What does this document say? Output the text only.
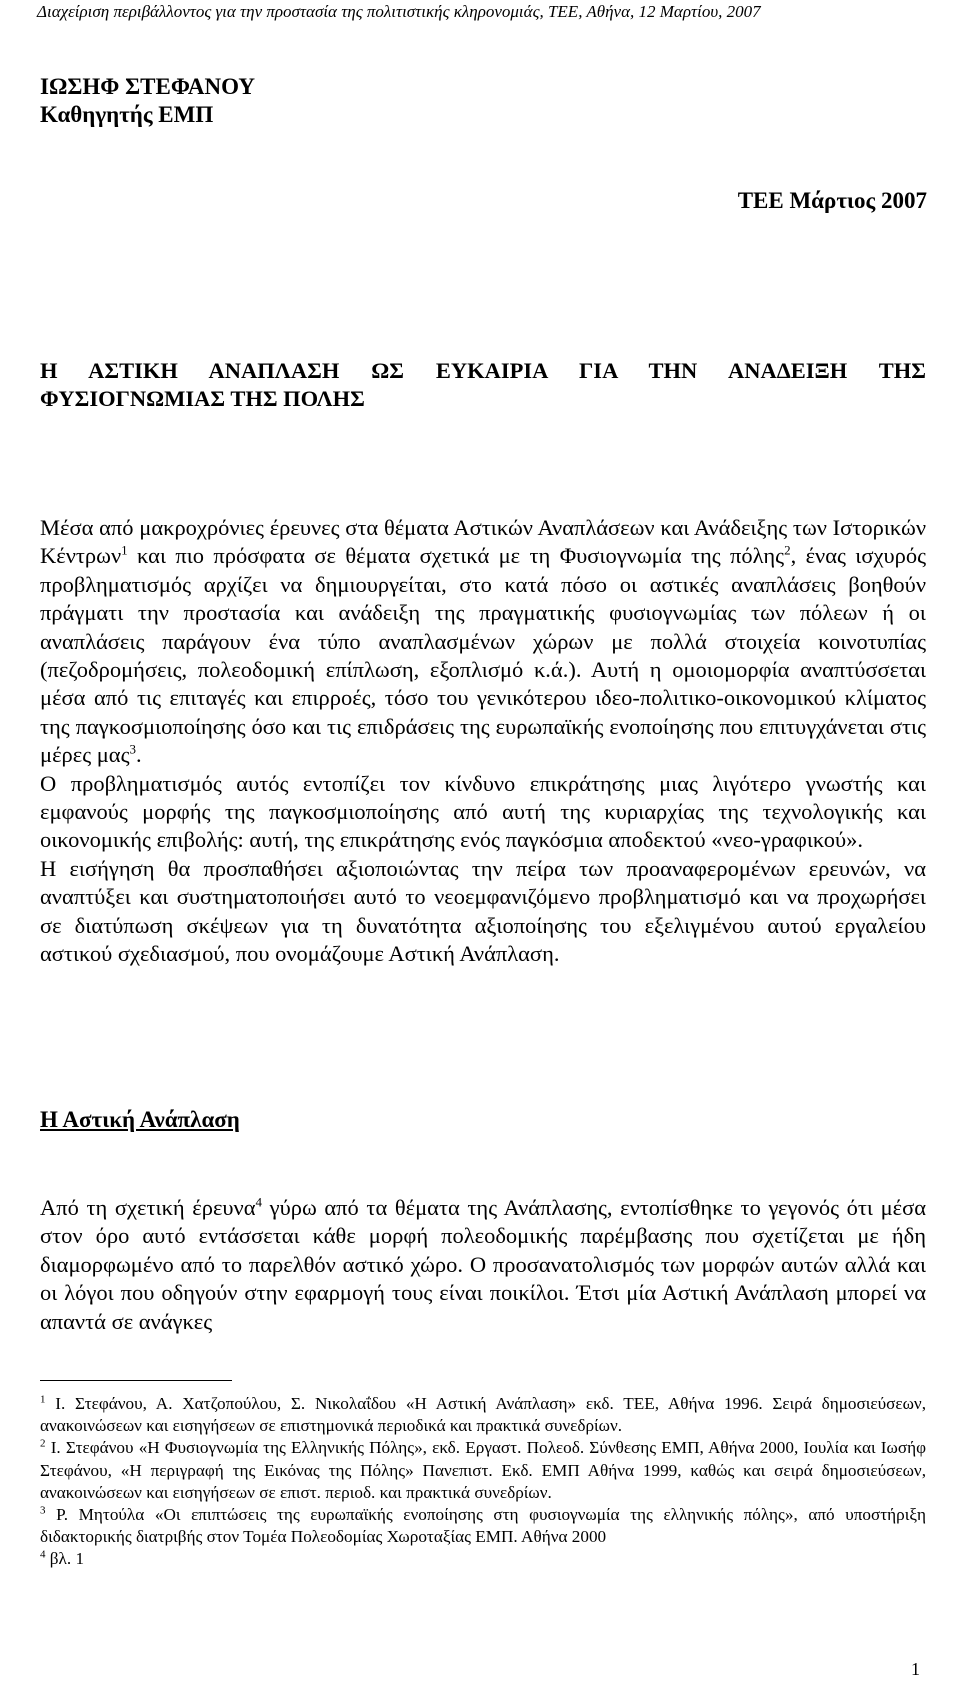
Διαχείριση περιβάλλοντος για την προστασία της πολιτιστικής κληρονομιάς, ΤΕΕ, Αθήνα, 12 Μαρτίου, 2007
ΙΩΣΗΦ ΣΤΕΦΑΝΟΥ
Καθηγητής ΕΜΠ
ΤΕΕ Μάρτιος 2007
Η ΑΣΤΙΚΗ ΑΝΑΠΛΑΣΗ ΩΣ ΕΥΚΑΙΡΙΑ ΓΙΑ ΤΗΝ ΑΝΑΔΕΙΞΗ ΤΗΣ
ΦΥΣΙΟΓΝΩΜΙΑΣ ΤΗΣ ΠΟΛΗΣ

Μέσα από μακροχρόνιες έρευνες στα θέματα Αστικών Αναπλάσεων και Ανάδειξης των Ιστορικών Κέντρων$^1$ και πιο πρόσφατα σε θέματα σχετικά με τη Φυσιογνωμία της πόλης$^2$, ένας ισχυρός προβληματισμός αρχίζει να δημιουργείται, στο κατά πόσο οι αστικές αναπλάσεις βοηθούν πράγματι την προστασία και ανάδειξη της πραγματικής φυσιογνωμίας των πόλεων ή οι αναπλάσεις παράγουν ένα τύπο αναπλασμένων χώρων με πολλά στοιχεία κοινοτυπίας (πεζοδρομήσεις, πολεοδομική επίπλωση, εξοπλισμό κ.ά.). Αυτή η ομοιομορφία αναπτύσσεται μέσα από τις επιταγές και επιρροές, τόσο του γενικότερου ιδεο-πολιτικο-οικονομικού κλίματος της παγκοσμιοποίησης όσο και τις επιδράσεις της ευρωπαϊκής ενοποίησης που επιτυγχάνεται στις μέρες μας$^3$.

Ο προβληματισμός αυτός εντοπίζει τον κίνδυνο επικράτησης μιας λιγότερο γνωστής και εμφανούς μορφής της παγκοσμιοποίησης από αυτή της κυριαρχίας της τεχνολογικής και οικονομικής επιβολής: αυτή, της επικράτησης ενός παγκόσμια αποδεκτού «νεο-γραφικού».

Η εισήγηση θα προσπαθήσει αξιοποιώντας την πείρα των προαναφερομένων ερευνών, να αναπτύξει και συστηματοποιήσει αυτό το νεοεμφανιζόμενο προβληματισμό και να προχωρήσει σε διατύπωση σκέψεων για τη δυνατότητα αξιοποίησης του εξελιγμένου αυτού εργαλείου αστικού σχεδιασμού, που ονομάζουμε Αστική Ανάπλαση.

Η Αστική Ανάπλαση

Από τη σχετική έρευνα$^4$ γύρω από τα θέματα της Ανάπλασης, εντοπίσθηκε το γεγονός ότι μέσα στον όρο αυτό εντάσσεται κάθε μορφή πολεοδομικής παρέμβασης που σχετίζεται με ήδη διαμορφωμένο από το παρελθόν αστικό χώρο. Ο προσανατολισμός των μορφών αυτών αλλά και οι λόγοι που οδηγούν στην εφαρμογή τους είναι ποικίλοι. Έτσι μία Αστική Ανάπλαση μπορεί να απαντά σε ανάγκες

$^1$ Ι. Στεφάνου, Α. Χατζοπούλου, Σ. Νικολαΐδου «Η Αστική Ανάπλαση» εκδ. ΤΕΕ, Αθήνα 1996. Σειρά δημοσιεύσεων, ανακοινώσεων και εισηγήσεων σε επιστημονικά περιοδικά και πρακτικά συνεδρίων.

$^2$ Ι. Στεφάνου «Η Φυσιογνωμία της Ελληνικής Πόλης», εκδ. Εργαστ. Πολεοδ. Σύνθεσης ΕΜΠ, Αθήνα 2000, Ιουλία και Ιωσήφ Στεφάνου, «Η περιγραφή της Εικόνας της Πόλης» Πανεπιστ. Εκδ. ΕΜΠ Αθήνα 1999, καθώς και σειρά δημοσιεύσεων, ανακοινώσεων και εισηγήσεων σε επιστ. περιοδ. και πρακτικά συνεδρίων.

$^3$ Ρ. Μητούλα «Οι επιπτώσεις της ευρωπαϊκής ενοποίησης στη φυσιογνωμία της ελληνικής πόλης», από υποστήριξη διδακτορικής διατριβής στον Τομέα Πολεοδομίας Χωροταξίας ΕΜΠ. Αθήνα 2000

$^4$ βλ. 1

1
